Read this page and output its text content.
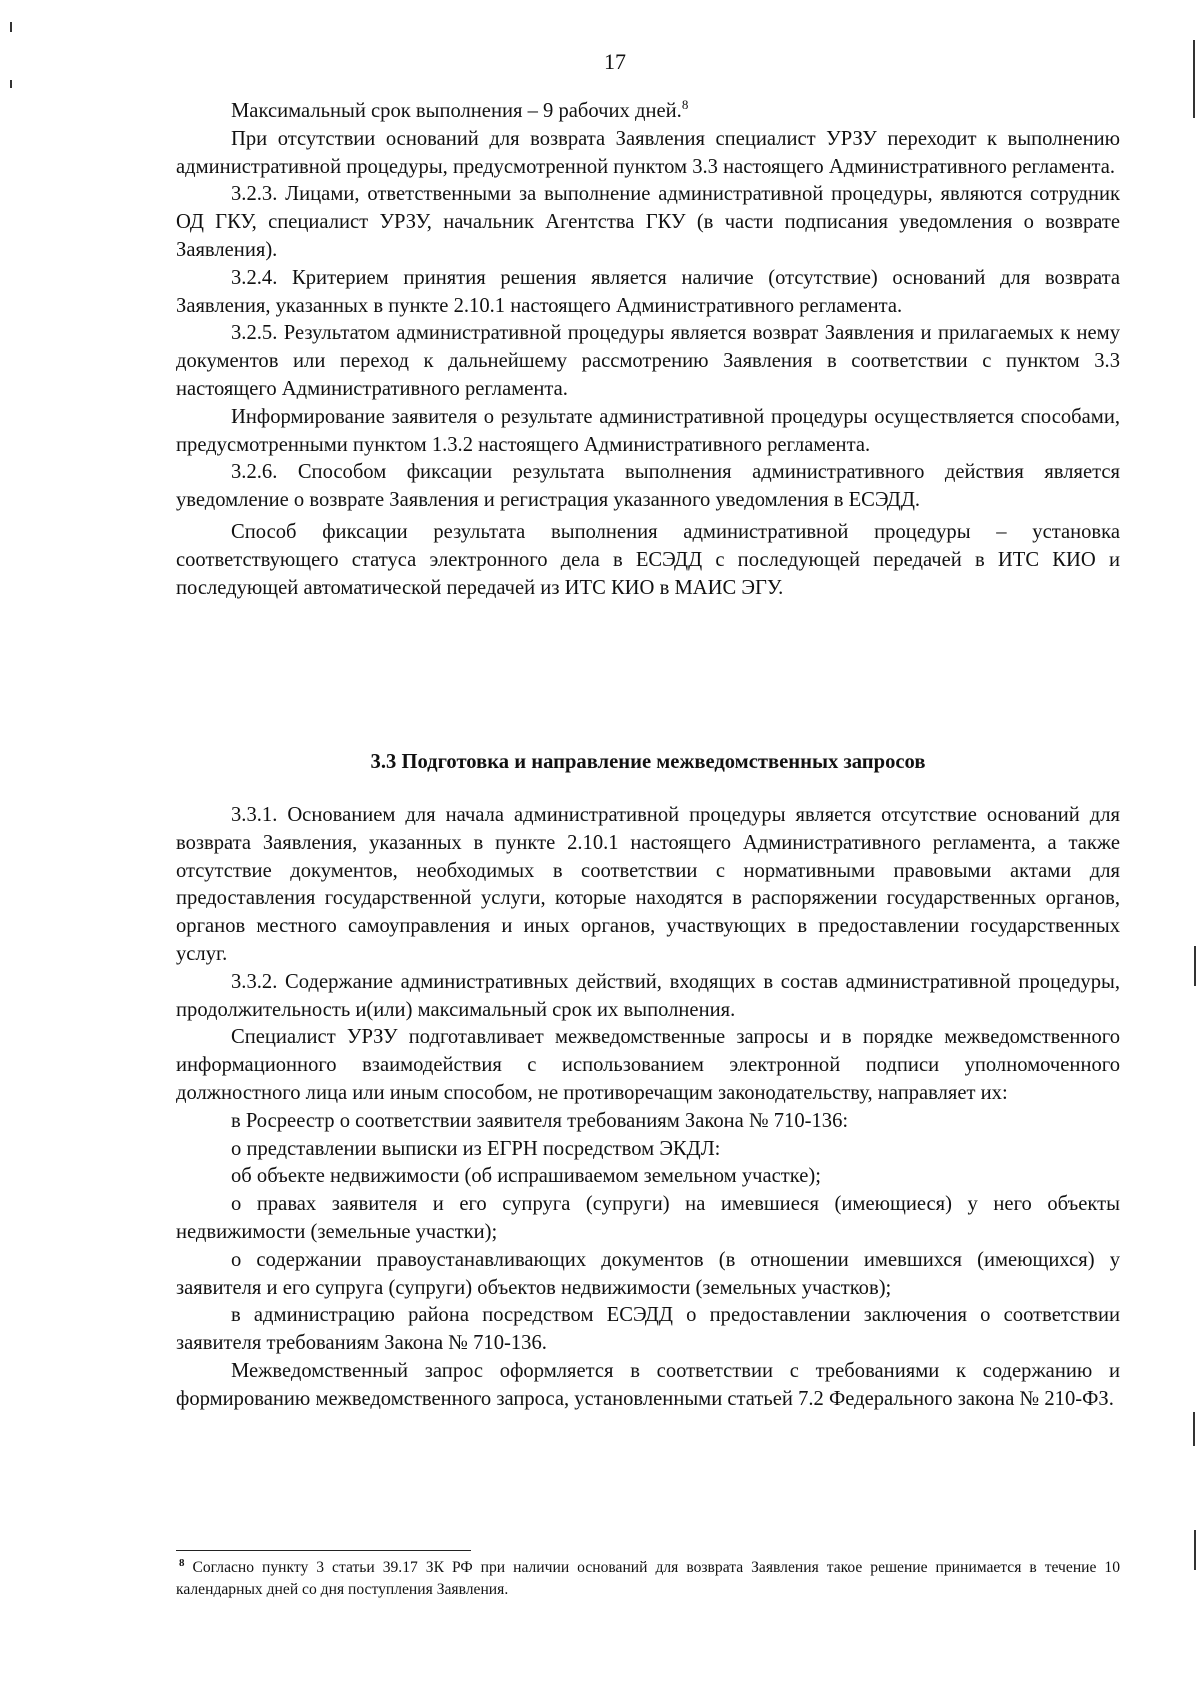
17

Максимальный срок выполнения – 9 рабочих дней.$^8$

При отсутствии оснований для возврата Заявления специалист УРЗУ переходит к выполнению административной процедуры, предусмотренной пунктом 3.3 настоящего Административного регламента.

3.2.3. Лицами, ответственными за выполнение административной процедуры, являются сотрудник ОД ГКУ, специалист УРЗУ, начальник Агентства ГКУ (в части подписания уведомления о возврате Заявления).

3.2.4. Критерием принятия решения является наличие (отсутствие) оснований для возврата Заявления, указанных в пункте 2.10.1 настоящего Административного регламента.

3.2.5. Результатом административной процедуры является возврат Заявления и прилагаемых к нему документов или переход к дальнейшему рассмотрению Заявления в соответствии с пунктом 3.3 настоящего Административного регламента.

Информирование заявителя о результате административной процедуры осуществляется способами, предусмотренными пунктом 1.3.2 настоящего Административного регламента.

3.2.6. Способом фиксации результата выполнения административного действия является уведомление о возврате Заявления и регистрация указанного уведомления в ЕСЭДД.

Способ фиксации результата выполнения административной процедуры – установка соответствующего статуса электронного дела в ЕСЭДД с последующей передачей в ИТС КИО и последующей автоматической передачей из ИТС КИО в МАИС ЭГУ.

3.3 Подготовка и направление межведомственных запросов

3.3.1. Основанием для начала административной процедуры является отсутствие оснований для возврата Заявления, указанных в пункте 2.10.1 настоящего Административного регламента, а также отсутствие документов, необходимых в соответствии с нормативными правовыми актами для предоставления государственной услуги, которые находятся в распоряжении государственных органов, органов местного самоуправления и иных органов, участвующих в предоставлении государственных услуг.

3.3.2. Содержание административных действий, входящих в состав административной процедуры, продолжительность и(или) максимальный срок их выполнения.

Специалист УРЗУ подготавливает межведомственные запросы и в порядке межведомственного информационного взаимодействия с использованием электронной подписи уполномоченного должностного лица или иным способом, не противоречащим законодательству, направляет их:

в Росреестр о соответствии заявителя требованиям Закона № 710-136:

о представлении выписки из ЕГРН посредством ЭКДЛ:

об объекте недвижимости (об испрашиваемом земельном участке);

о правах заявителя и его супруга (супруги) на имевшиеся (имеющиеся) у него объекты недвижимости (земельные участки);

о содержании правоустанавливающих документов (в отношении имевшихся (имеющихся) у заявителя и его супруга (супруги) объектов недвижимости (земельных участков);

в администрацию района посредством ЕСЭДД о предоставлении заключения о соответствии заявителя требованиям Закона № 710-136.

Межведомственный запрос оформляется в соответствии с требованиями к содержанию и формированию межведомственного запроса, установленными статьей 7.2 Федерального закона № 210-ФЗ.

$^8$ Согласно пункту 3 статьи 39.17 ЗК РФ при наличии оснований для возврата Заявления такое решение принимается в течение 10 календарных дней со дня поступления Заявления.
